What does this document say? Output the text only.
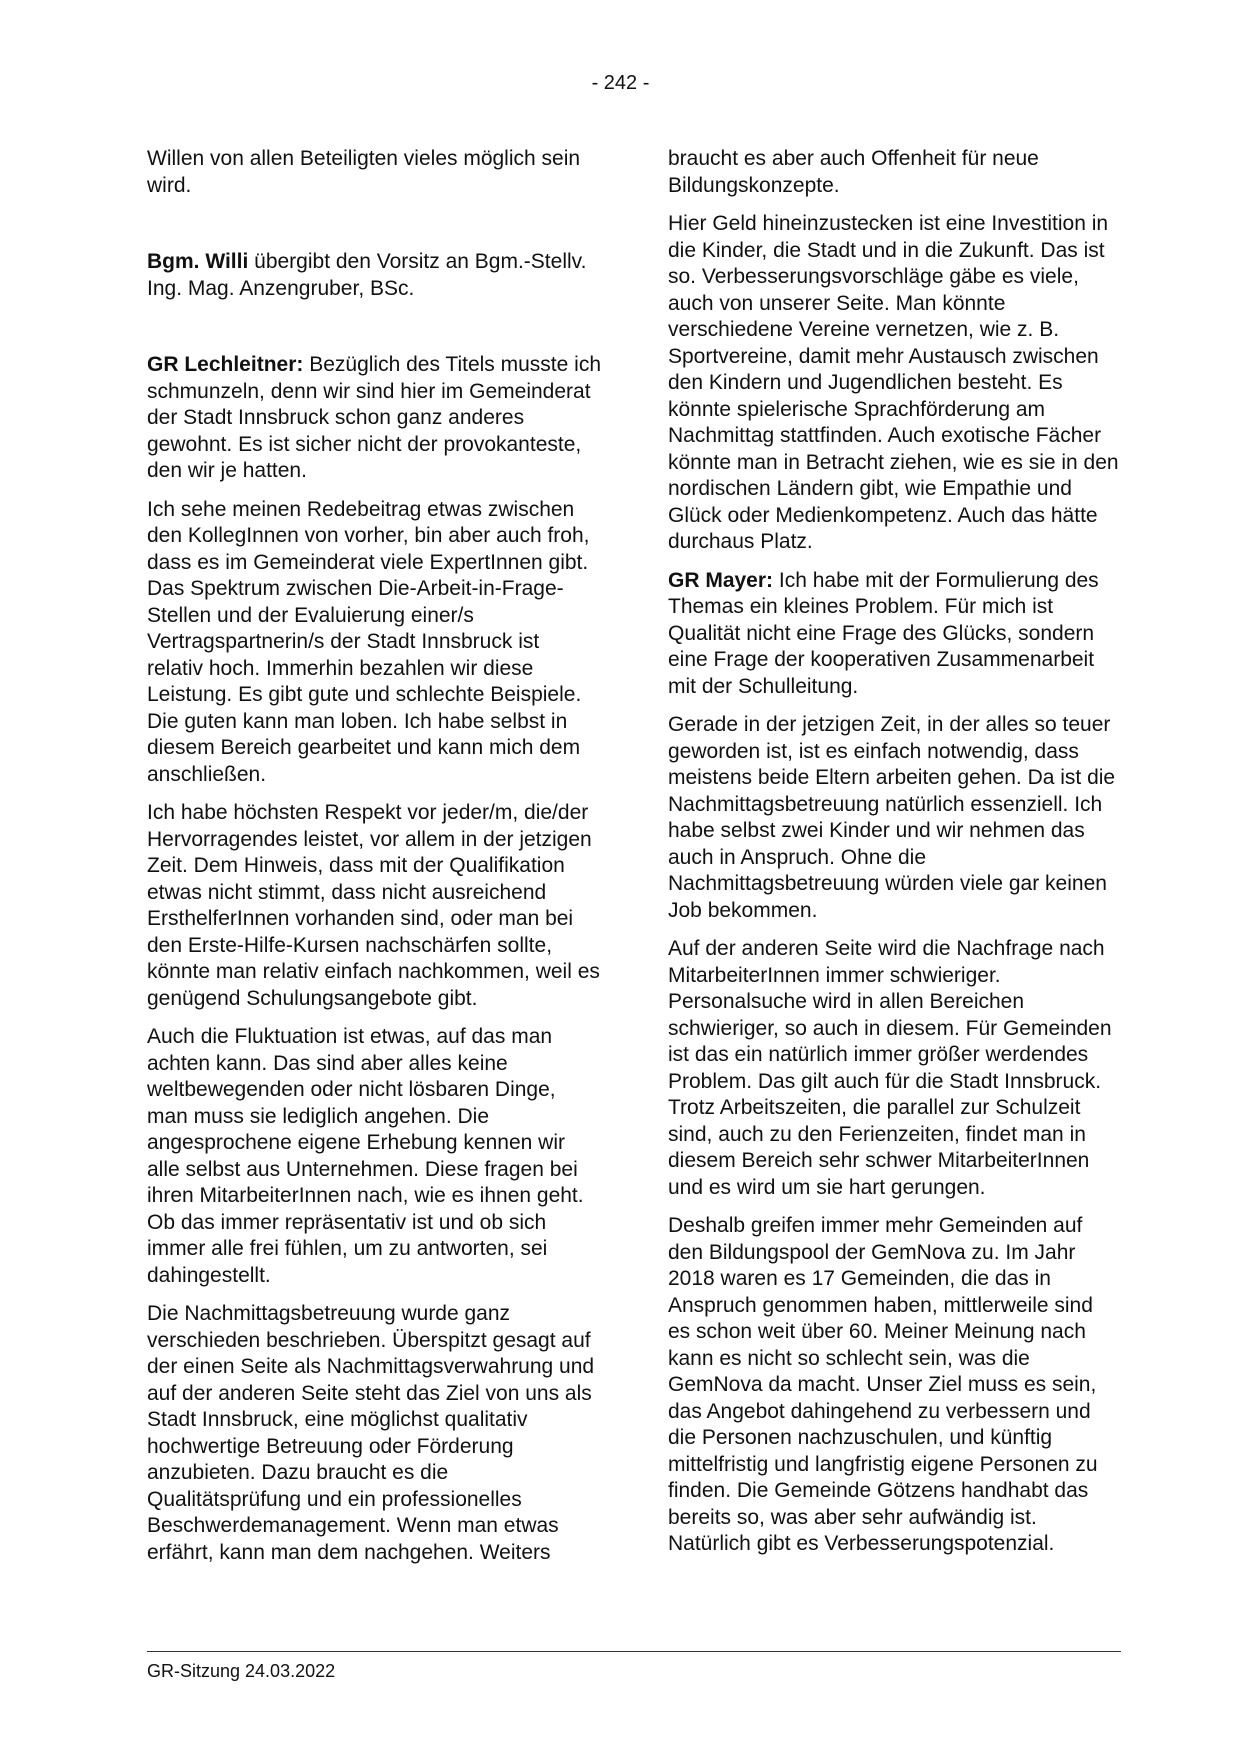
- 242 -

Willen von allen Beteiligten vieles möglich sein wird.

Bgm. Willi übergibt den Vorsitz an Bgm.-Stellv. Ing. Mag. Anzengruber, BSc.

GR Lechleitner: Bezüglich des Titels musste ich schmunzeln, denn wir sind hier im Gemeinderat der Stadt Innsbruck schon ganz anderes gewohnt. Es ist sicher nicht der provokanteste, den wir je hatten.

Ich sehe meinen Redebeitrag etwas zwischen den KollegInnen von vorher, bin aber auch froh, dass es im Gemeinderat viele ExpertInnen gibt. Das Spektrum zwischen Die-Arbeit-in-Frage-Stellen und der Evaluierung einer/s Vertragspartnerin/s der Stadt Innsbruck ist relativ hoch. Immerhin bezahlen wir diese Leistung. Es gibt gute und schlechte Beispiele. Die guten kann man loben. Ich habe selbst in diesem Bereich gearbeitet und kann mich dem anschließen.

Ich habe höchsten Respekt vor jeder/m, die/der Hervorragendes leistet, vor allem in der jetzigen Zeit. Dem Hinweis, dass mit der Qualifikation etwas nicht stimmt, dass nicht ausreichend ErsthelferInnen vorhanden sind, oder man bei den Erste-Hilfe-Kursen nachschärfen sollte, könnte man relativ einfach nachkommen, weil es genügend Schulungsangebote gibt.

Auch die Fluktuation ist etwas, auf das man achten kann. Das sind aber alles keine weltbewegenden oder nicht lösbaren Dinge, man muss sie lediglich angehen. Die angesprochene eigene Erhebung kennen wir alle selbst aus Unternehmen. Diese fragen bei ihren MitarbeiterInnen nach, wie es ihnen geht. Ob das immer repräsentativ ist und ob sich immer alle frei fühlen, um zu antworten, sei dahingestellt.

Die Nachmittagsbetreuung wurde ganz verschieden beschrieben. Überspitzt gesagt auf der einen Seite als Nachmittagsverwahrung und auf der anderen Seite steht das Ziel von uns als Stadt Innsbruck, eine möglichst qualitativ hochwertige Betreuung oder Förderung anzubieten. Dazu braucht es die Qualitätsprüfung und ein professionelles Beschwerdemanagement. Wenn man etwas erfährt, kann man dem nachgehen. Weiters

braucht es aber auch Offenheit für neue Bildungskonzepte.

Hier Geld hineinzustecken ist eine Investition in die Kinder, die Stadt und in die Zukunft. Das ist so. Verbesserungsvorschläge gäbe es viele, auch von unserer Seite. Man könnte verschiedene Vereine vernetzen, wie z. B. Sportvereine, damit mehr Austausch zwischen den Kindern und Jugendlichen besteht. Es könnte spielerische Sprachförderung am Nachmittag stattfinden. Auch exotische Fächer könnte man in Betracht ziehen, wie es sie in den nordischen Ländern gibt, wie Empathie und Glück oder Medienkompetenz. Auch das hätte durchaus Platz.

GR Mayer: Ich habe mit der Formulierung des Themas ein kleines Problem. Für mich ist Qualität nicht eine Frage des Glücks, sondern eine Frage der kooperativen Zusammenarbeit mit der Schulleitung.

Gerade in der jetzigen Zeit, in der alles so teuer geworden ist, ist es einfach notwendig, dass meistens beide Eltern arbeiten gehen. Da ist die Nachmittagsbetreuung natürlich essenziell. Ich habe selbst zwei Kinder und wir nehmen das auch in Anspruch. Ohne die Nachmittagsbetreuung würden viele gar keinen Job bekommen.

Auf der anderen Seite wird die Nachfrage nach MitarbeiterInnen immer schwieriger. Personalsuche wird in allen Bereichen schwieriger, so auch in diesem. Für Gemeinden ist das ein natürlich immer größer werdendes Problem. Das gilt auch für die Stadt Innsbruck. Trotz Arbeitszeiten, die parallel zur Schulzeit sind, auch zu den Ferienzeiten, findet man in diesem Bereich sehr schwer MitarbeiterInnen und es wird um sie hart gerungen.

Deshalb greifen immer mehr Gemeinden auf den Bildungspool der GemNova zu. Im Jahr 2018 waren es 17 Gemeinden, die das in Anspruch genommen haben, mittlerweile sind es schon weit über 60. Meiner Meinung nach kann es nicht so schlecht sein, was die GemNova da macht. Unser Ziel muss es sein, das Angebot dahingehend zu verbessern und die Personen nachzuschulen, und künftig mittelfristig und langfristig eigene Personen zu finden. Die Gemeinde Götzens handhabt das bereits so, was aber sehr aufwändig ist. Natürlich gibt es Verbesserungspotenzial.

GR-Sitzung 24.03.2022
